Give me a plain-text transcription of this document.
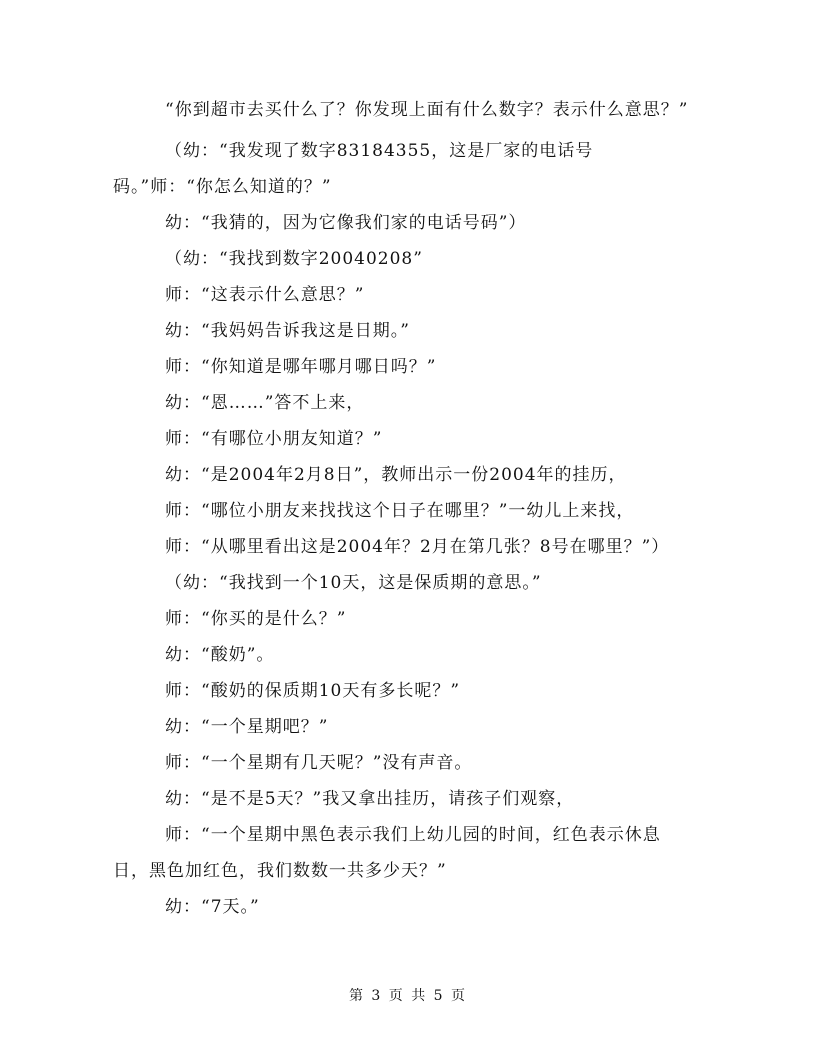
“你到超市去买什么了？你发现上面有什么数字？表示什么意思？”

（幼：“我发现了数字83184355，这是厂家的电话号码。”师：“你怎么知道的？”

幼：“我猜的，因为它像我们家的电话号码”）

（幼：“我找到数字20040208”

师：“这表示什么意思？”

幼：“我妈妈告诉我这是日期。”

师：“你知道是哪年哪月哪日吗？”

幼：“恩……”答不上来，

师：“有哪位小朋友知道？”

幼：“是2004年2月8日”，教师出示一份2004年的挂历，

师：“哪位小朋友来找找这个日子在哪里？”一幼儿上来找，

师：“从哪里看出这是2004年？2月在第几张？8号在哪里？”）

（幼：“我找到一个10天，这是保质期的意思。”

师：“你买的是什么？”

幼：“酸奶”。

师：“酸奶的保质期10天有多长呢？”

幼：“一个星期吧？”

师：“一个星期有几天呢？”没有声音。

幼：“是不是5天？”我又拿出挂历，请孩子们观察，

师：“一个星期中黑色表示我们上幼儿园的时间，红色表示休息日，黑色加红色，我们数数一共多少天？”

幼：“7天。”

第 3 页 共 5 页
